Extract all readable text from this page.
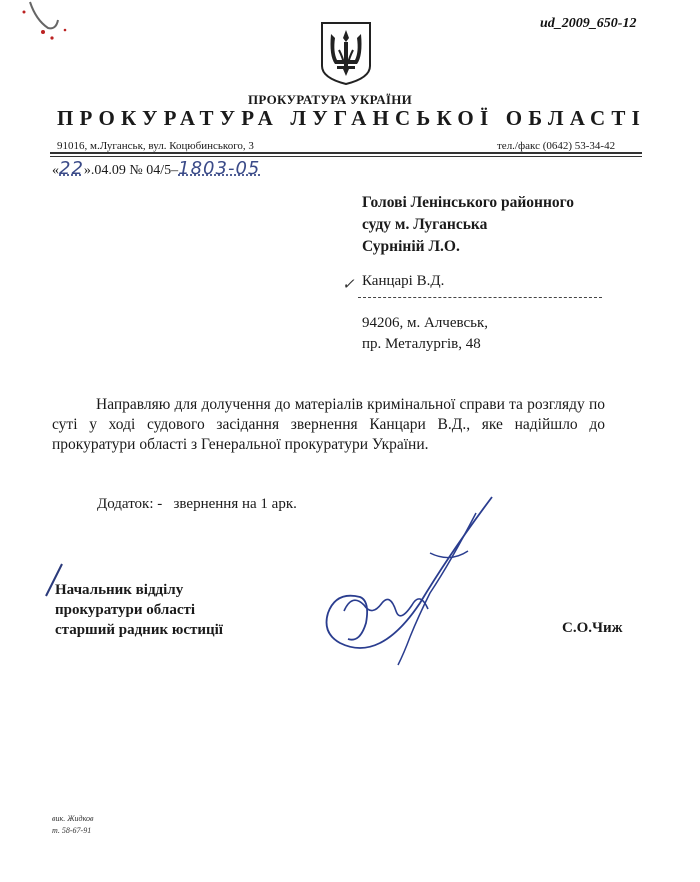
ud_2009_650-12
ПРОКУРАТУРА УКРАЇНИ
ПРОКУРАТУРА ЛУГАНСЬКОЇ ОБЛАСТІ
91016, м.Луганськ, вул. Коцюбинського, 3	тел./факс (0642) 53-34-42
«22».04.09 № 04/5–1803-05
Голові Ленінського районного
суду м. Луганська
Сурніній Л.О.
✓ Канцарі В.Д.
94206, м. Алчевськ,
пр. Металургів, 48
Направляю для долучення до матеріалів кримінальної справи та розгляду по суті у ході судового засідання звернення Канцари В.Д., яке надійшло до прокуратури області з Генеральної прокуратури України.
Додаток: -   звернення на 1 арк.
Начальник відділу
прокуратури області
старший радник юстиції	С.О.Чиж
вик. Жидков
т. 58-67-91
